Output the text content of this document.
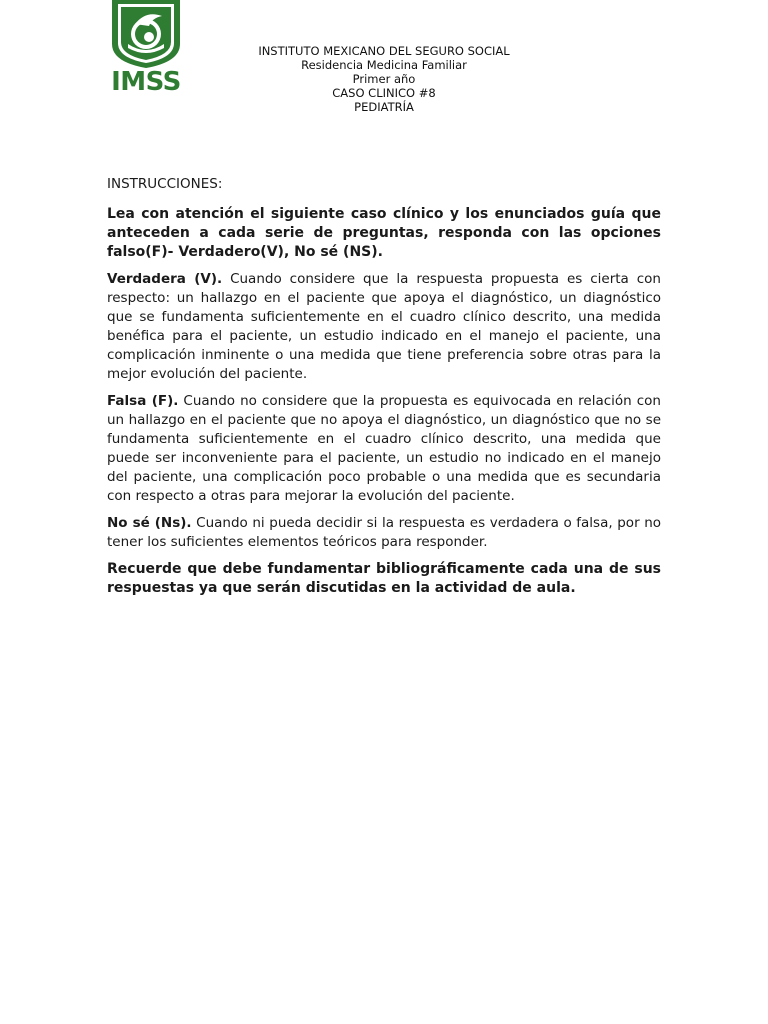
IMSS
INSTITUTO MEXICANO DEL SEGURO SOCIAL
Residencia Medicina Familiar
Primer año
CASO CLINICO #8
PEDIATRÍA
INSTRUCCIONES:

Lea con atención el siguiente caso clínico y los enunciados guía que anteceden a cada serie de preguntas, responda con las opciones falso(F)- Verdadero(V), No sé (NS).

Verdadera (V). Cuando considere que la respuesta propuesta es cierta con respecto: un hallazgo en el paciente que apoya el diagnóstico, un diagnóstico que se fundamenta suficientemente en el cuadro clínico descrito, una medida benéfica para el paciente, un estudio indicado en el manejo el paciente, una complicación inminente o una medida que tiene preferencia sobre otras para la mejor evolución del paciente.

Falsa (F). Cuando no considere que la propuesta es equivocada en relación con un hallazgo en el paciente que no apoya el diagnóstico, un diagnóstico que no se fundamenta suficientemente en el cuadro clínico descrito, una medida que puede ser inconveniente para el paciente, un estudio no indicado en el manejo del paciente, una complicación poco probable o una medida que es secundaria con respecto a otras para mejorar la evolución del paciente.

No sé (Ns). Cuando ni pueda decidir si la respuesta es verdadera o falsa, por no tener los suficientes elementos teóricos para responder.

Recuerde que debe fundamentar bibliográficamente cada una de sus respuestas ya que serán discutidas en la actividad de aula.
